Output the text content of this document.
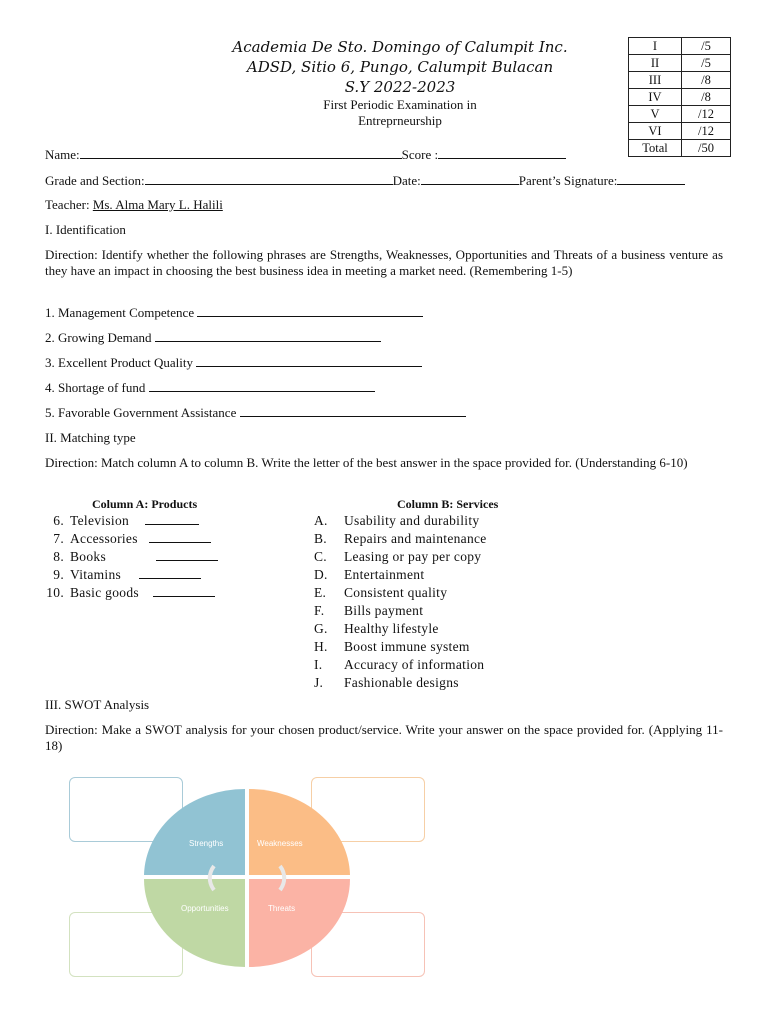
Academia De Sto. Domingo of Calumpit Inc.
ADSD, Sitio 6, Pungo, Calumpit Bulacan
S.Y 2022-2023
First Periodic Examination in
Entreprneurship
I	/5
II	/5
III	/8
IV	/8
V	/12
VI	/12
Total	/50
Name:	Score :
Grade and Section:	Date:	Parent’s Signature:
Teacher: Ms. Alma Mary L. Halili
I. Identification
Direction: Identify whether the following phrases are Strengths, Weaknesses, Opportunities and Threats of a business venture as they have an impact in choosing the best business idea in meeting a market need. (Remembering 1-5)
1. Management Competence
2. Growing Demand
3. Excellent Product Quality
4. Shortage of fund
5. Favorable Government Assistance
II. Matching type
Direction: Match column A to column B. Write the letter of the best answer in the space provided for. (Understanding 6-10)
Column A: Products	Column B: Services
6. Television
7. Accessories
8. Books
9. Vitamins
10. Basic goods
A. Usability and durability
B. Repairs and maintenance
C. Leasing or pay per copy
D. Entertainment
E. Consistent quality
F. Bills payment
G. Healthy lifestyle
H. Boost immune system
I. Accuracy of information
J. Fashionable designs
III. SWOT Analysis
Direction: Make a SWOT analysis for your chosen product/service. Write your answer on the space provided for. (Applying 11-18)
Strengths	Weaknesses
Opportunities	Threats
